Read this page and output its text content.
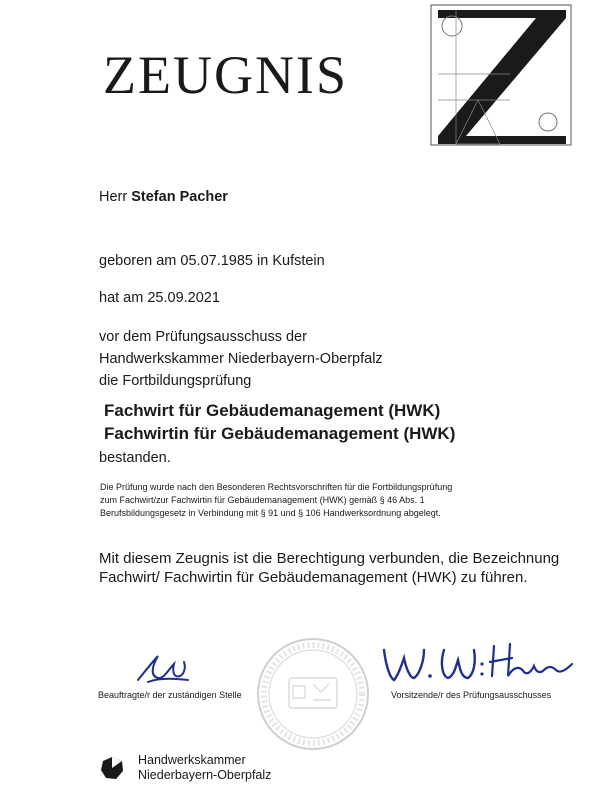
ZEUGNIS
Herr Stefan Pacher
geboren am 05.07.1985 in Kufstein
hat am 25.09.2021
vor dem Prüfungsausschuss der
Handwerkskammer Niederbayern-Oberpfalz
die Fortbildungsprüfung
Fachwirt für Gebäudemanagement (HWK)
Fachwirtin für Gebäudemanagement (HWK)
bestanden.
Die Prüfung wurde nach den Besonderen Rechtsvorschriften für die Fortbildungsprüfung
zum Fachwirt/zur Fachwirtin für Gebäudemanagement (HWK) gemäß § 46 Abs. 1
Berufsbildungsgesetz in Verbindung mit § 91 und § 106 Handwerksordnung abgelegt.
Mit diesem Zeugnis ist die Berechtigung verbunden, die Bezeichnung
Fachwirt/ Fachwirtin für Gebäudemanagement (HWK) zu führen.
Beauftragte/r der zuständigen Stelle	Vorsitzende/r des Prüfungsausschusses
Handwerkskammer
Niederbayern-Oberpfalz
